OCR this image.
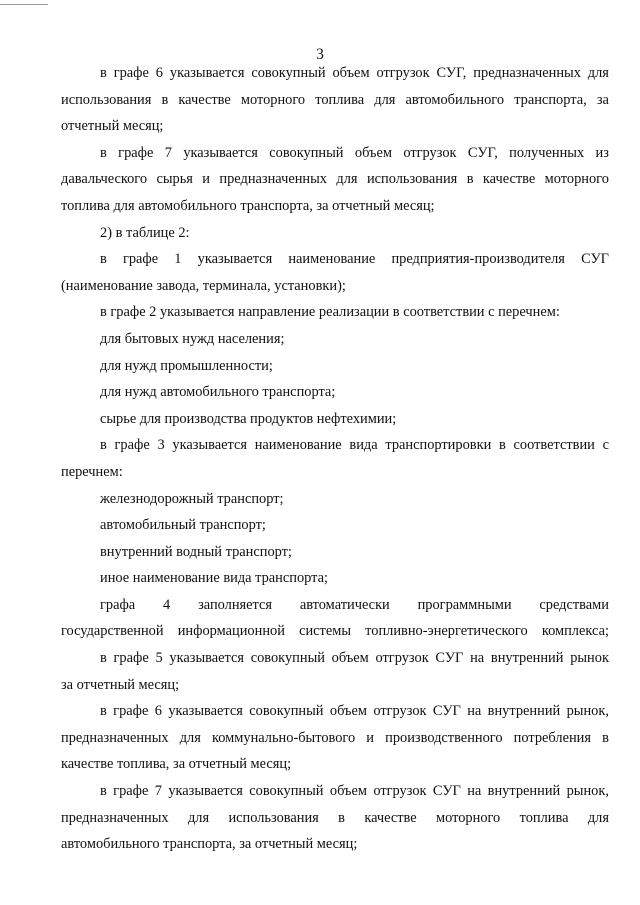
3
в графе 6 указывается совокупный объем отгрузок СУГ, предназначенных для
использования в качестве моторного топлива для автомобильного транспорта, за
отчетный месяц;
в графе 7 указывается совокупный объем отгрузок СУГ, полученных из
давальческого сырья и предназначенных для использования в качестве моторного
топлива для автомобильного транспорта, за отчетный месяц;
2) в таблице 2:
в графе 1 указывается наименование предприятия-производителя СУГ
(наименование завода, терминала, установки);
в графе 2 указывается направление реализации в соответствии с перечнем:
для бытовых нужд населения;
для нужд промышленности;
для нужд автомобильного транспорта;
сырье для производства продуктов нефтехимии;
в графе 3 указывается наименование вида транспортировки в соответствии с
перечнем:
железнодорожный транспорт;
автомобильный транспорт;
внутренний водный транспорт;
иное наименование вида транспорта;
графа 4 заполняется автоматически программными средствами
государственной информационной системы топливно-энергетического комплекса;
в графе 5 указывается совокупный объем отгрузок СУГ на внутренний рынок
за отчетный месяц;
в графе 6 указывается совокупный объем отгрузок СУГ на внутренний рынок,
предназначенных для коммунально-бытового и производственного потребления в
качестве топлива, за отчетный месяц;
в графе 7 указывается совокупный объем отгрузок СУГ на внутренний рынок,
предназначенных для использования в качестве моторного топлива для
автомобильного транспорта, за отчетный месяц;
